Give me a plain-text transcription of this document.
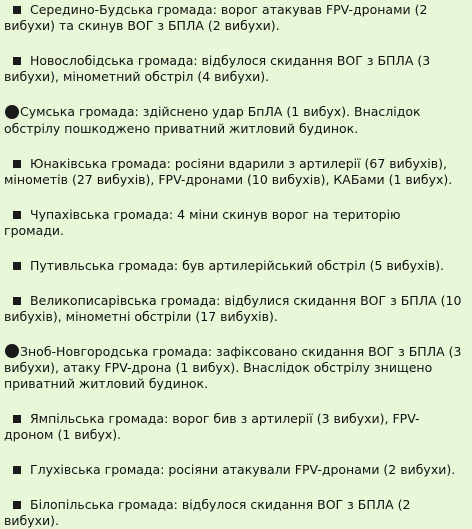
Середино-Будська громада: ворог атакував FPV-дронами (2 вибухи) та скинув ВОГ з БПЛА (2 вибухи).
Новослобідська громада: відбулося скидання ВОГ з БПЛА (3 вибухи), мінометний обстріл (4 вибухи).
Сумська громада: здійснено удар БпЛА (1 вибух). Внаслідок обстрілу пошкоджено приватний житловий будинок.
Юнаківська громада: росіяни вдарили з артилерії (67 вибухів), мінометів (27 вибухів), FPV-дронами (10 вибухів), КАБами (1 вибух).
Чупахівська громада: 4 міни скинув ворог на територію громади.
Путивльська громада: був артилерійський обстріл (5 вибухів).
Великописарівська громада: відбулися скидання ВОГ з БПЛА (10 вибухів), мінометні обстріли (17 вибухів).
Зноб-Новгородська громада: зафіксовано скидання ВОГ з БПЛА (3 вибухи), атаку FPV-дрона (1 вибух). Внаслідок обстрілу знищено приватний житловий будинок.
Ямпільська громада: ворог бив з артилерії (3 вибухи), FPV-дроном (1 вибух).
Глухівська громада: росіяни атакували FPV-дронами (2 вибухи).
Білопільська громада: відбулося скидання ВОГ з БПЛА (2 вибухи).
